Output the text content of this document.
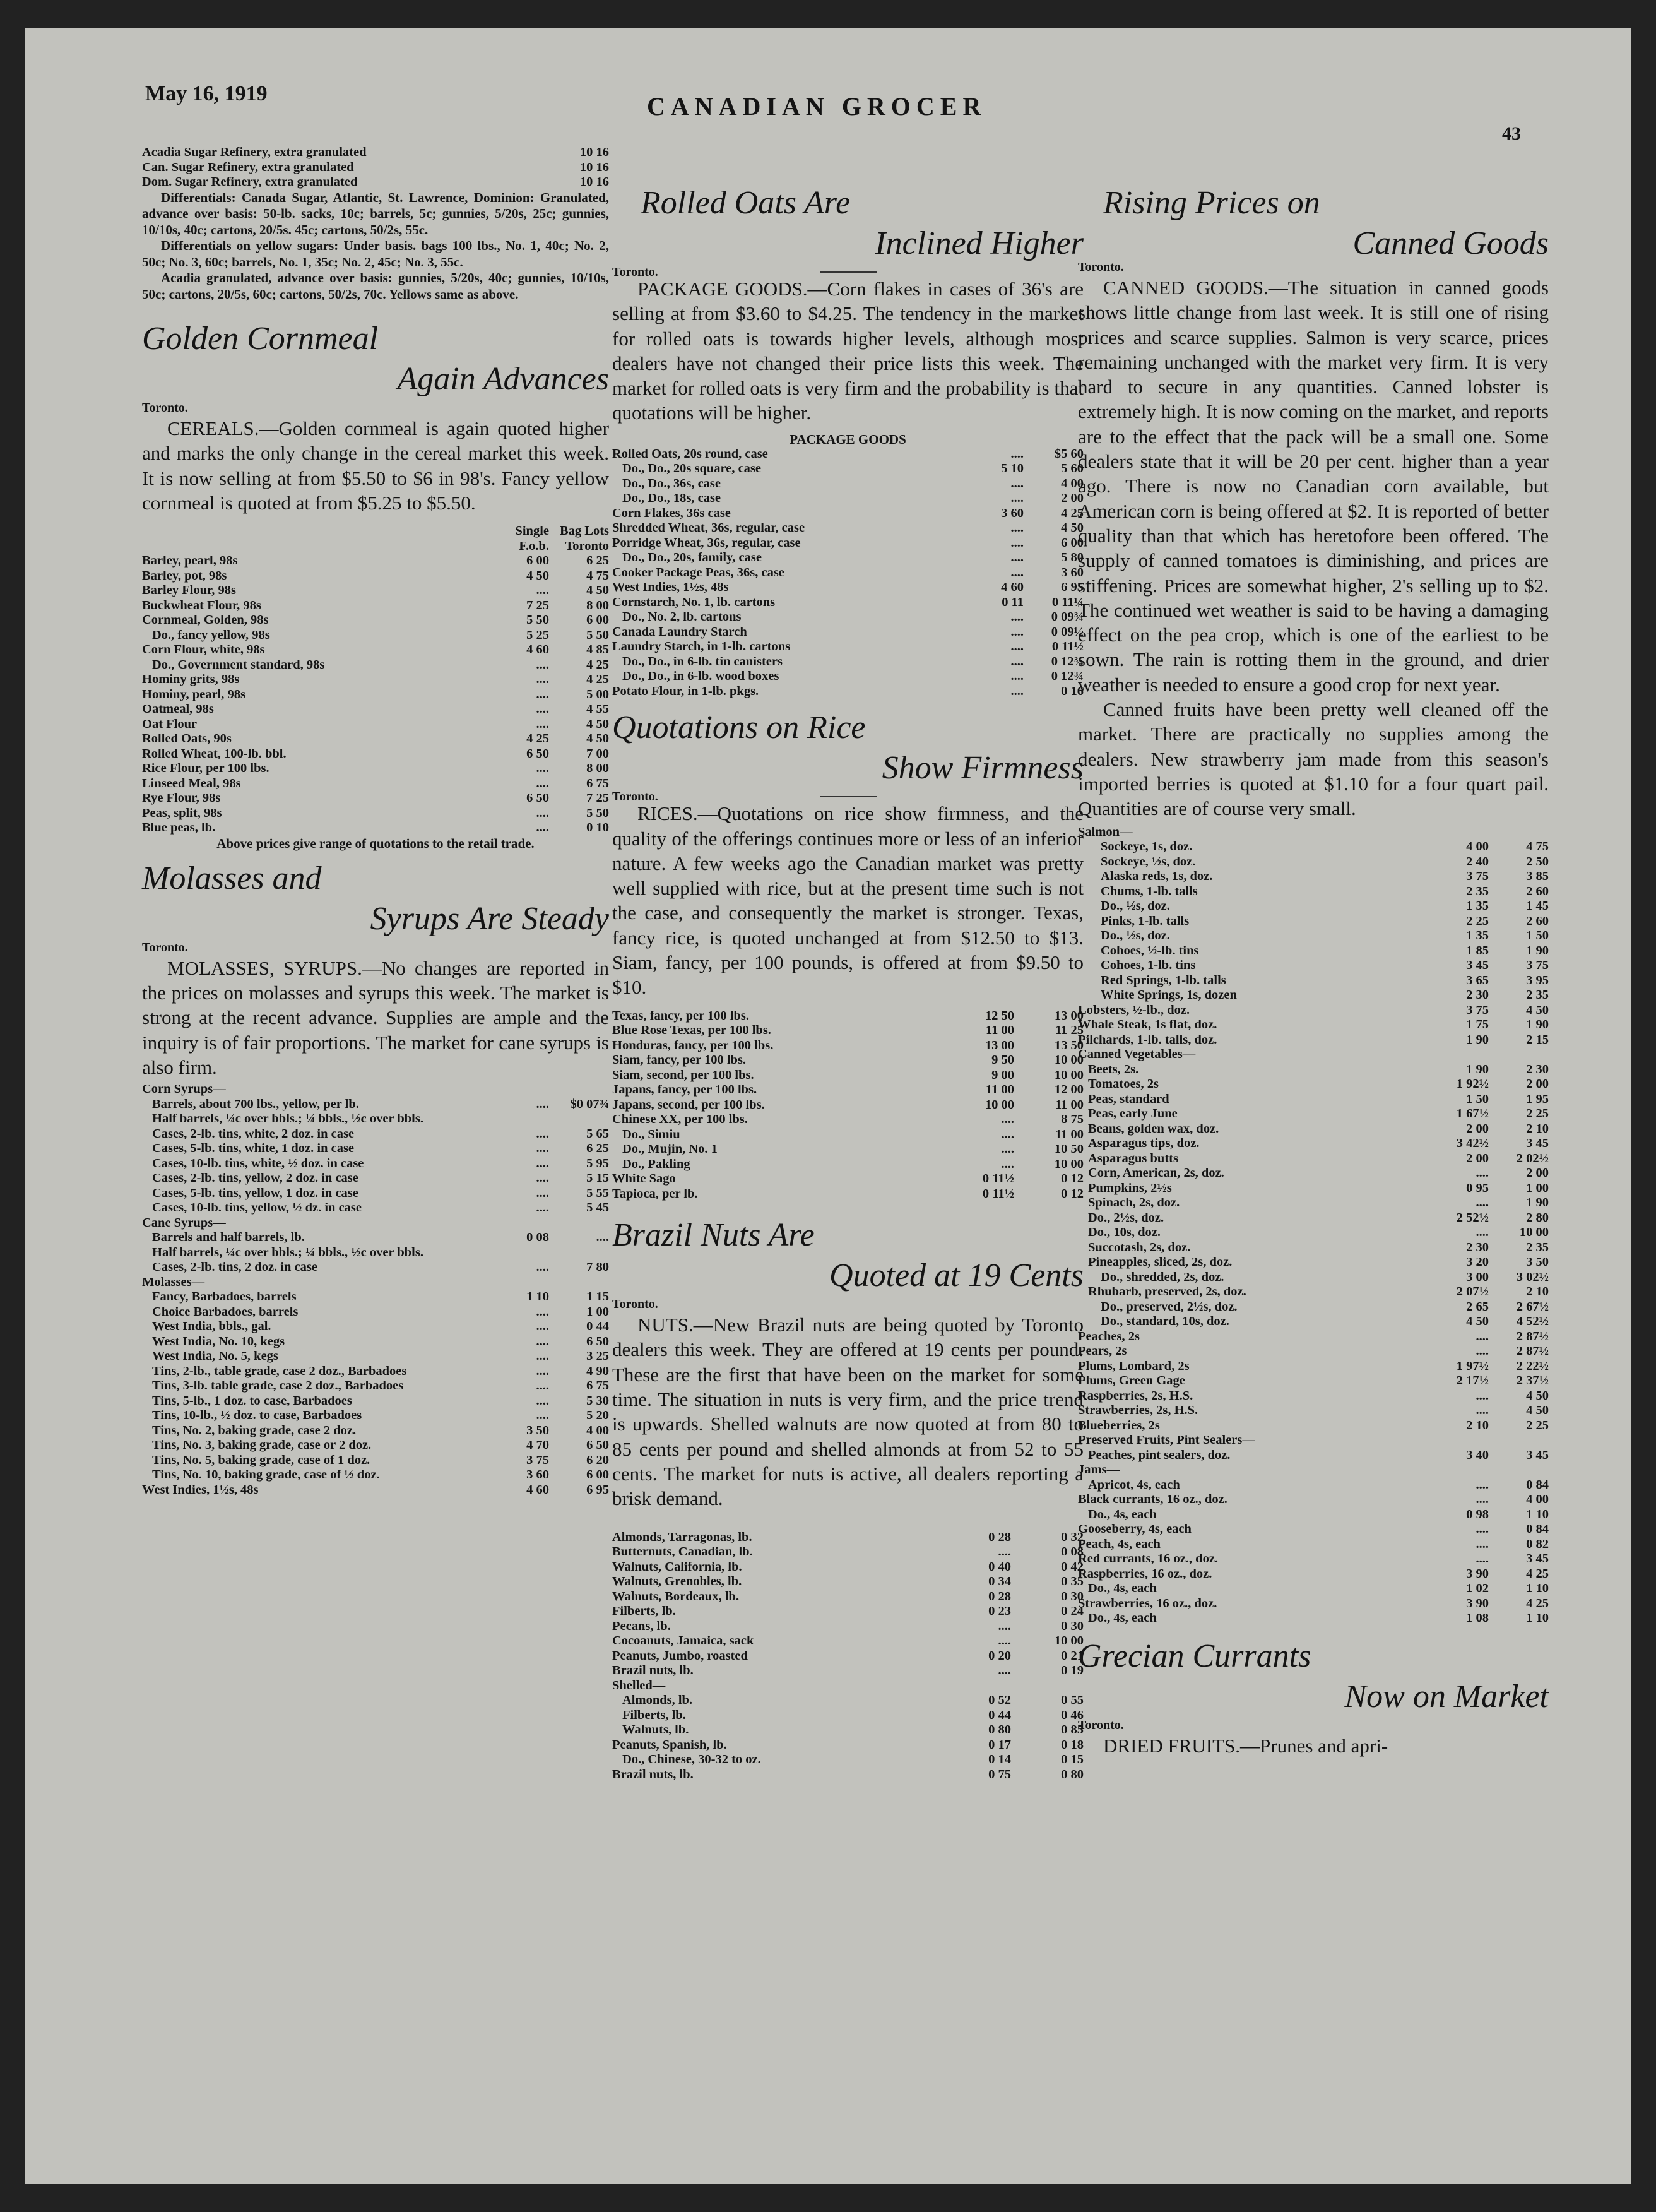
May 16, 1919	CANADIAN GROCER
43
Acadia Sugar Refinery, extra granulated	10 16
Can. Sugar Refinery, extra granulated	10 16
Dom. Sugar Refinery, extra granulated	10 16

Differentials: Canada Sugar, Atlantic, St. Lawrence, Dominion: Granulated, advance over basis: 50-lb. sacks, 10c; barrels, 5c; gunnies, 5/20s, 25c; gunnies, 10/10s, 40c; cartons, 20/5s. 45c; cartons, 50/2s, 55c.

Differentials on yellow sugars: Under basis. bags 100 lbs., No. 1, 40c; No. 2, 50c; No. 3, 60c; barrels, No. 1, 35c; No. 2, 45c; No. 3, 55c.

Acadia granulated, advance over basis: gunnies, 5/20s, 40c; gunnies, 10/10s, 50c; cartons, 20/5s, 60c; cartons, 50/2s, 70c. Yellows same as above.

Golden Cornmeal
Again Advances
Toronto.

CEREALS.—Golden cornmeal is again quoted higher and marks the only change in the cereal market this week. It is now selling at from $5.50 to $6 in 98's. Fancy yellow cornmeal is quoted at from $5.25 to $5.50.

	Single	Bag Lots
	F.o.b.	Toronto
Barley, pearl, 98s	6 00	6 25
Barley, pot, 98s	4 50	4 75
Barley Flour, 98s	....	4 50
Buckwheat Flour, 98s	7 25	8 00
Cornmeal, Golden, 98s	5 50	6 00
Do., fancy yellow, 98s	5 25	5 50
Corn Flour, white, 98s	4 60	4 85
Do., Government standard, 98s	....	4 25
Hominy grits, 98s	....	4 25
Hominy, pearl, 98s	....	5 00
Oatmeal, 98s	....	4 55
Oat Flour	....	4 50
Rolled Oats, 90s	4 25	4 50
Rolled Wheat, 100-lb. bbl.	6 50	7 00
Rice Flour, per 100 lbs.	....	8 00
Linseed Meal, 98s	....	6 75
Rye Flour, 98s	6 50	7 25
Peas, split, 98s	....	5 50
Blue peas, lb.	....	0 10
Above prices give range of quotations to the retail trade.
Molasses and
Syrups Are Steady
Toronto.

MOLASSES, SYRUPS.—No changes are reported in the prices on molasses and syrups this week. The market is strong at the recent advance. Supplies are ample and the inquiry is of fair proportions. The market for cane syrups is also firm.

Corn Syrups—		
Barrels, about 700 lbs., yellow, per lb.	....	$0 07¾
Half barrels, ¼c over bbls.; ¼ bbls., ½c over bbls.		
Cases, 2-lb. tins, white, 2 doz. in case	....	5 65
Cases, 5-lb. tins, white, 1 doz. in case	....	6 25
Cases, 10-lb. tins, white, ½ doz. in case	....	5 95
Cases, 2-lb. tins, yellow, 2 doz. in case	....	5 15
Cases, 5-lb. tins, yellow, 1 doz. in case	....	5 55
Cases, 10-lb. tins, yellow, ½ dz. in case	....	5 45
Cane Syrups—		
Barrels and half barrels, lb.	0 08	....
Half barrels, ¼c over bbls.; ¼ bbls., ½c over bbls.		
Cases, 2-lb. tins, 2 doz. in case	....	7 80
Molasses—		
Fancy, Barbadoes, barrels	1 10	1 15
Choice Barbadoes, barrels	....	1 00
West India, bbls., gal.	....	0 44
West India, No. 10, kegs	....	6 50
West India, No. 5, kegs	....	3 25
Tins, 2-lb., table grade, case 2 doz., Barbadoes	....	4 90
Tins, 3-lb. table grade, case 2 doz., Barbadoes	....	6 75
Tins, 5-lb., 1 doz. to case, Barbadoes	....	5 30
Tins, 10-lb., ½ doz. to case, Barbadoes	....	5 20
Tins, No. 2, baking grade, case 2 doz.	3 50	4 00
Tins, No. 3, baking grade, case or 2 doz.	4 70	6 50
Tins, No. 5, baking grade, case of 1 doz.	3 75	6 20
Tins, No. 10, baking grade, case of ½ doz.	3 60	6 00
West Indies, 1½s, 48s	4 60	6 95
Rolled Oats Are
Inclined Higher
Toronto.

PACKAGE GOODS.—Corn flakes in cases of 36's are selling at from $3.60 to $4.25. The tendency in the market for rolled oats is towards higher levels, although most dealers have not changed their price lists this week. The market for rolled oats is very firm and the probability is that quotations will be higher.

PACKAGE GOODS
Rolled Oats, 20s round, case	....	$5 60
Do., Do., 20s square, case	5 10	5 60
Do., Do., 36s, case	....	4 00
Do., Do., 18s, case	....	2 00
Corn Flakes, 36s case	3 60	4 25
Shredded Wheat, 36s, regular, case	....	4 50
Porridge Wheat, 36s, regular, case	....	6 00
Do., Do., 20s, family, case	....	5 80
Cooker Package Peas, 36s, case	....	3 60
West Indies, 1½s, 48s	4 60	6 95
Cornstarch, No. 1, lb. cartons	0 11	0 11¼
Do., No. 2, lb. cartons	....	0 09¾
Canada Laundry Starch	....	0 09½
Laundry Starch, in 1-lb. cartons	....	0 11½
Do., Do., in 6-lb. tin canisters	....	0 12¾
Do., Do., in 6-lb. wood boxes	....	0 12¾
Potato Flour, in 1-lb. pkgs.	....	0 16
Quotations on Rice
Show Firmness
Toronto.

RICES.—Quotations on rice show firmness, and the quality of the offerings continues more or less of an inferior nature. A few weeks ago the Canadian market was pretty well supplied with rice, but at the present time such is not the case, and consequently the market is stronger. Texas, fancy rice, is quoted unchanged at from $12.50 to $13. Siam, fancy, per 100 pounds, is offered at from $9.50 to $10.

Texas, fancy, per 100 lbs.	12 50	13 00
Blue Rose Texas, per 100 lbs.	11 00	11 25
Honduras, fancy, per 100 lbs.	13 00	13 50
Siam, fancy, per 100 lbs.	9 50	10 00
Siam, second, per 100 lbs.	9 00	10 00
Japans, fancy, per 100 lbs.	11 00	12 00
Japans, second, per 100 lbs.	10 00	11 00
Chinese XX, per 100 lbs.	....	8 75
Do., Simiu	....	11 00
Do., Mujin, No. 1	....	10 50
Do., Pakling	....	10 00
White Sago	0 11½	0 12
Tapioca, per lb.	0 11½	0 12
Brazil Nuts Are
Quoted at 19 Cents
Toronto.

NUTS.—New Brazil nuts are being quoted by Toronto dealers this week. They are offered at 19 cents per pound. These are the first that have been on the market for some time. The situation in nuts is very firm, and the price trend is upwards. Shelled walnuts are now quoted at from 80 to 85 cents per pound and shelled almonds at from 52 to 55 cents. The market for nuts is active, all dealers reporting a brisk demand.

Almonds, Tarragonas, lb.	0 28	0 32
Butternuts, Canadian, lb.	....	0 08
Walnuts, California, lb.	0 40	0 42
Walnuts, Grenobles, lb.	0 34	0 35
Walnuts, Bordeaux, lb.	0 28	0 30
Filberts, lb.	0 23	0 24
Pecans, lb.	....	0 30
Cocoanuts, Jamaica, sack	....	10 00
Peanuts, Jumbo, roasted	0 20	0 21
Brazil nuts, lb.	....	0 19
Shelled—		
Almonds, lb.	0 52	0 55
Filberts, lb.	0 44	0 46
Walnuts, lb.	0 80	0 85
Peanuts, Spanish, lb.	0 17	0 18
Do., Chinese, 30-32 to oz.	0 14	0 15
Brazil nuts, lb.	0 75	0 80
Rising Prices on
Canned Goods
Toronto.

CANNED GOODS.—The situation in canned goods shows little change from last week. It is still one of rising prices and scarce supplies. Salmon is very scarce, prices remaining unchanged with the market very firm. It is very hard to secure in any quantities. Canned lobster is extremely high. It is now coming on the market, and reports are to the effect that the pack will be a small one. Some dealers state that it will be 20 per cent. higher than a year ago. There is now no Canadian corn available, but American corn is being offered at $2. It is reported of better quality than that which has heretofore been offered. The supply of canned tomatoes is diminishing, and prices are stiffening. Prices are somewhat higher, 2's selling up to $2. The continued wet weather is said to be having a damaging effect on the pea crop, which is one of the earliest to be sown. The rain is rotting them in the ground, and drier weather is needed to ensure a good crop for next year.

Canned fruits have been pretty well cleaned off the market. There are practically no supplies among the dealers. New strawberry jam made from this season's imported berries is quoted at $1.10 for a four quart pail. Quantities are of course very small.

Salmon—		
Sockeye, 1s, doz.	4 00	4 75
Sockeye, ½s, doz.	2 40	2 50
Alaska reds, 1s, doz.	3 75	3 85
Chums, 1-lb. talls	2 35	2 60
Do., ½s, doz.	1 35	1 45
Pinks, 1-lb. talls	2 25	2 60
Do., ½s, doz.	1 35	1 50
Cohoes, ½-lb. tins	1 85	1 90
Cohoes, 1-lb. tins	3 45	3 75
Red Springs, 1-lb. talls	3 65	3 95
White Springs, 1s, dozen	2 30	2 35
Lobsters, ½-lb., doz.	3 75	4 50
Whale Steak, 1s flat, doz.	1 75	1 90
Pilchards, 1-lb. talls, doz.	1 90	2 15
Canned Vegetables—		
Beets, 2s.	1 90	2 30
Tomatoes, 2s	1 92½	2 00
Peas, standard	1 50	1 95
Peas, early June	1 67½	2 25
Beans, golden wax, doz.	2 00	2 10
Asparagus tips, doz.	3 42½	3 45
Asparagus butts	2 00	2 02½
Corn, American, 2s, doz.	....	2 00
Pumpkins, 2½s	0 95	1 00
Spinach, 2s, doz.	....	1 90
Do., 2½s, doz.	2 52½	2 80
Do., 10s, doz.	....	10 00
Succotash, 2s, doz.	2 30	2 35
Pineapples, sliced, 2s, doz.	3 20	3 50
Do., shredded, 2s, doz.	3 00	3 02½
Rhubarb, preserved, 2s, doz.	2 07½	2 10
Do., preserved, 2½s, doz.	2 65	2 67½
Do., standard, 10s, doz.	4 50	4 52½
Peaches, 2s	....	2 87½
Pears, 2s	....	2 87½
Plums, Lombard, 2s	1 97½	2 22½
Plums, Green Gage	2 17½	2 37½
Raspberries, 2s, H.S.	....	4 50
Strawberries, 2s, H.S.	....	4 50
Blueberries, 2s	2 10	2 25
Preserved Fruits, Pint Sealers—		
Peaches, pint sealers, doz.	3 40	3 45
Jams—		
Apricot, 4s, each	....	0 84
Black currants, 16 oz., doz.	....	4 00
Do., 4s, each	0 98	1 10
Gooseberry, 4s, each	....	0 84
Peach, 4s, each	....	0 82
Red currants, 16 oz., doz.	....	3 45
Raspberries, 16 oz., doz.	3 90	4 25
Do., 4s, each	1 02	1 10
Strawberries, 16 oz., doz.	3 90	4 25
Do., 4s, each	1 08	1 10
Grecian Currants
Now on Market
Toronto.

DRIED FRUITS.—Prunes and apri-
